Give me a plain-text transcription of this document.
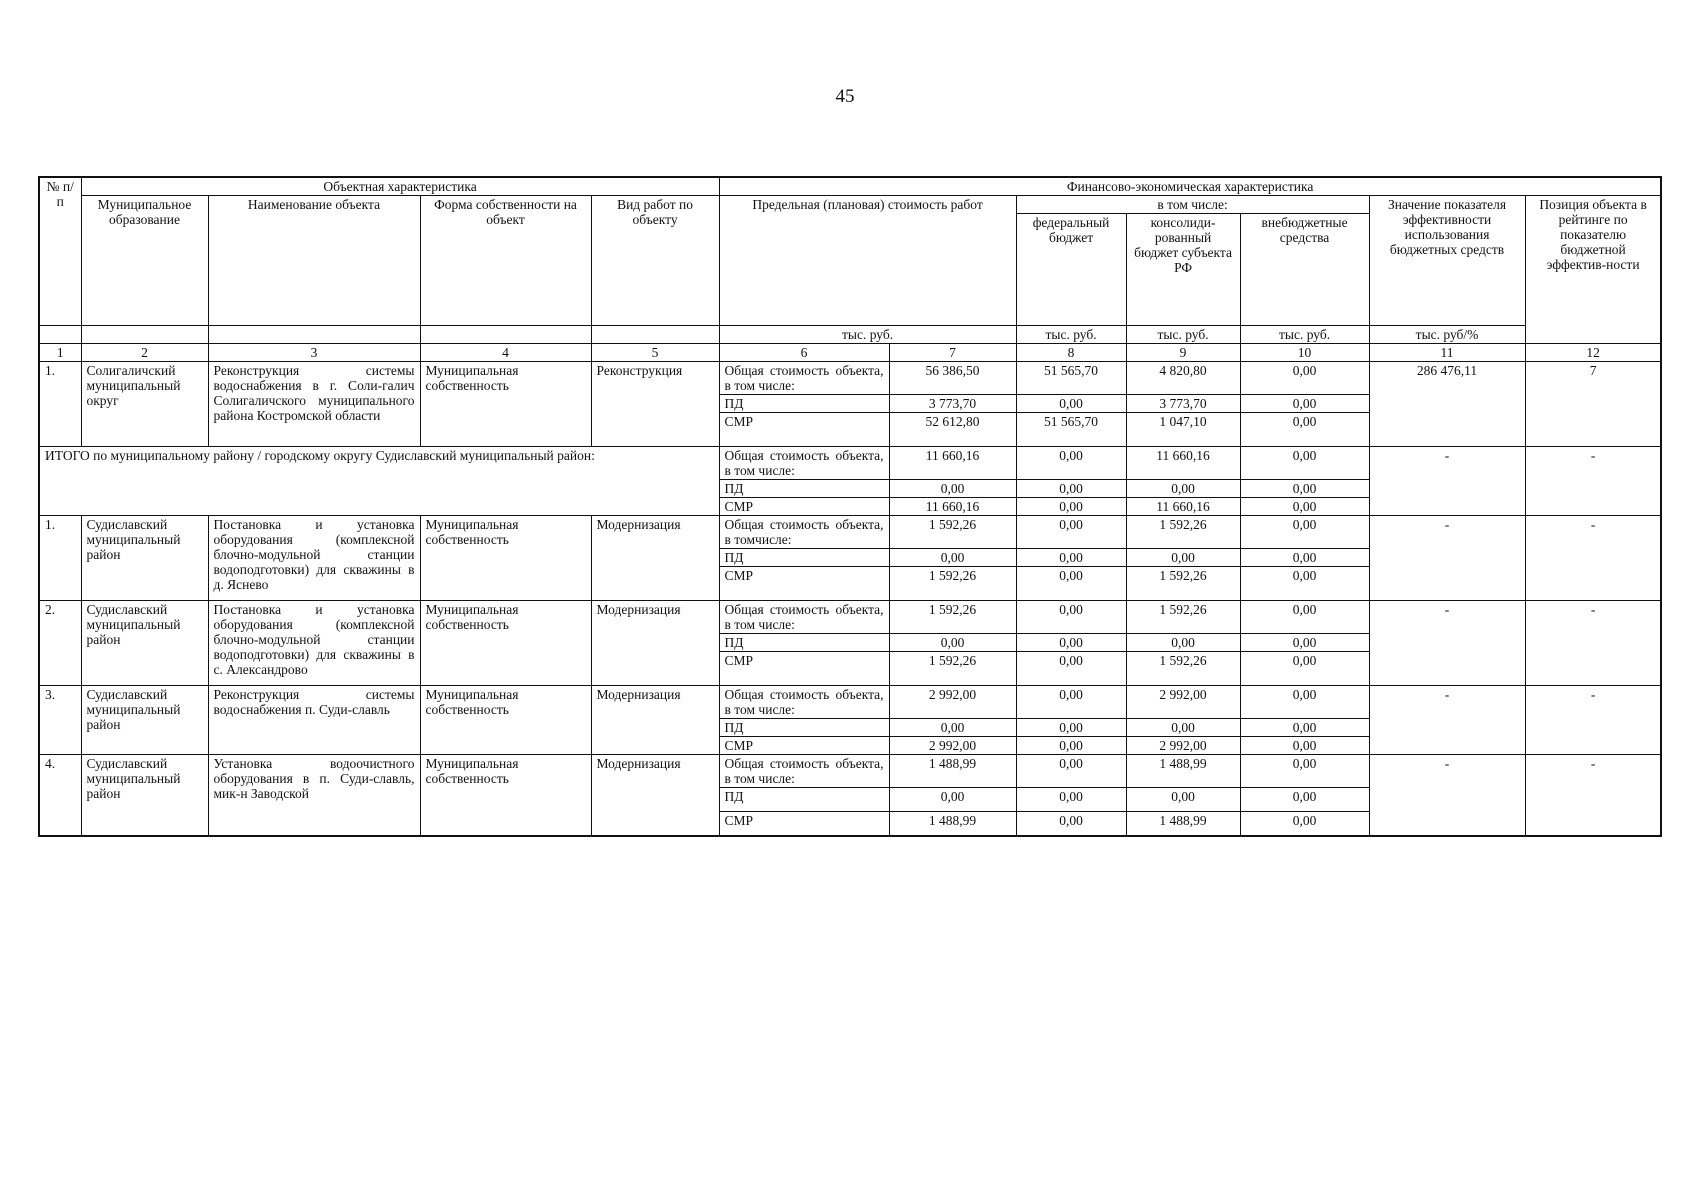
45
№ п/п	Объектная характеристика				Финансово-экономическая характеристика							
	Муниципальное образование	Наименование объекта	Форма собственности на объект	Вид работ по объекту	Предельная (плановая) стоимость работ		в том числе:			Значение показателя эффективности использования бюджетных средств	Позиция объекта в рейтинге по показателю бюджетной эффектив-ности	
							федеральный бюджет	консолиди-рованный бюджет субъекта РФ	внебюджетные средства			
					тыс. руб.		тыс. руб.	тыс. руб.	тыс. руб.	тыс. руб/%		
1	2	3	4	5	6	7	8	9	10	11	12	
1.	Солигаличский муниципальный округ	Реконструкция системы водоснабжения в г. Соли-галич Солигаличского муниципального района Костромской области	Муниципальная собственность	Реконструкция	Общая стоимость объекта, в том числе:	56 386,50	51 565,70	4 820,80	0,00	286 476,11	7	
					ПД	3 773,70	0,00	3 773,70	0,00			
					СМР	52 612,80	51 565,70	1 047,10	0,00			
ИТОГО по муниципальному району / городскому округу Судиславский муниципальный район:					Общая стоимость объекта, в том числе:	11 660,16	0,00	11 660,16	0,00	-	-	
					ПД	0,00	0,00	0,00	0,00			
					СМР	11 660,16	0,00	11 660,16	0,00			
1.	Судиславский муниципальный район	Постановка и установка оборудования (комплексной блочно-модульной станции водоподготовки) для скважины в д. Яснево	Муниципальная собственность	Модернизация	Общая стоимость объекта, в томчисле:	1 592,26	0,00	1 592,26	0,00	-	-	
					ПД	0,00	0,00	0,00	0,00			
					СМР	1 592,26	0,00	1 592,26	0,00			
2.	Судиславский муниципальный район	Постановка и установка оборудования (комплексной блочно-модульной станции водоподготовки) для скважины в с. Александрово	Муниципальная собственность	Модернизация	Общая стоимость объекта, в том числе:	1 592,26	0,00	1 592,26	0,00	-	-	
					ПД	0,00	0,00	0,00	0,00			
					СМР	1 592,26	0,00	1 592,26	0,00			
3.	Судиславский муниципальный район	Реконструкция системы водоснабжения п. Суди-славль	Муниципальная собственность	Модернизация	Общая стоимость объекта, в том числе:	2 992,00	0,00	2 992,00	0,00	-	-	
					ПД	0,00	0,00	0,00	0,00			
					СМР	2 992,00	0,00	2 992,00	0,00			
4.	Судиславский муниципальный район	Установка водоочистного оборудования в п. Суди-славль, мик-н Заводской	Муниципальная собственность	Модернизация	Общая стоимость объекта, в том числе:	1 488,99	0,00	1 488,99	0,00	-	-	
					ПД	0,00	0,00	0,00	0,00			
					СМР	1 488,99	0,00	1 488,99	0,00			
